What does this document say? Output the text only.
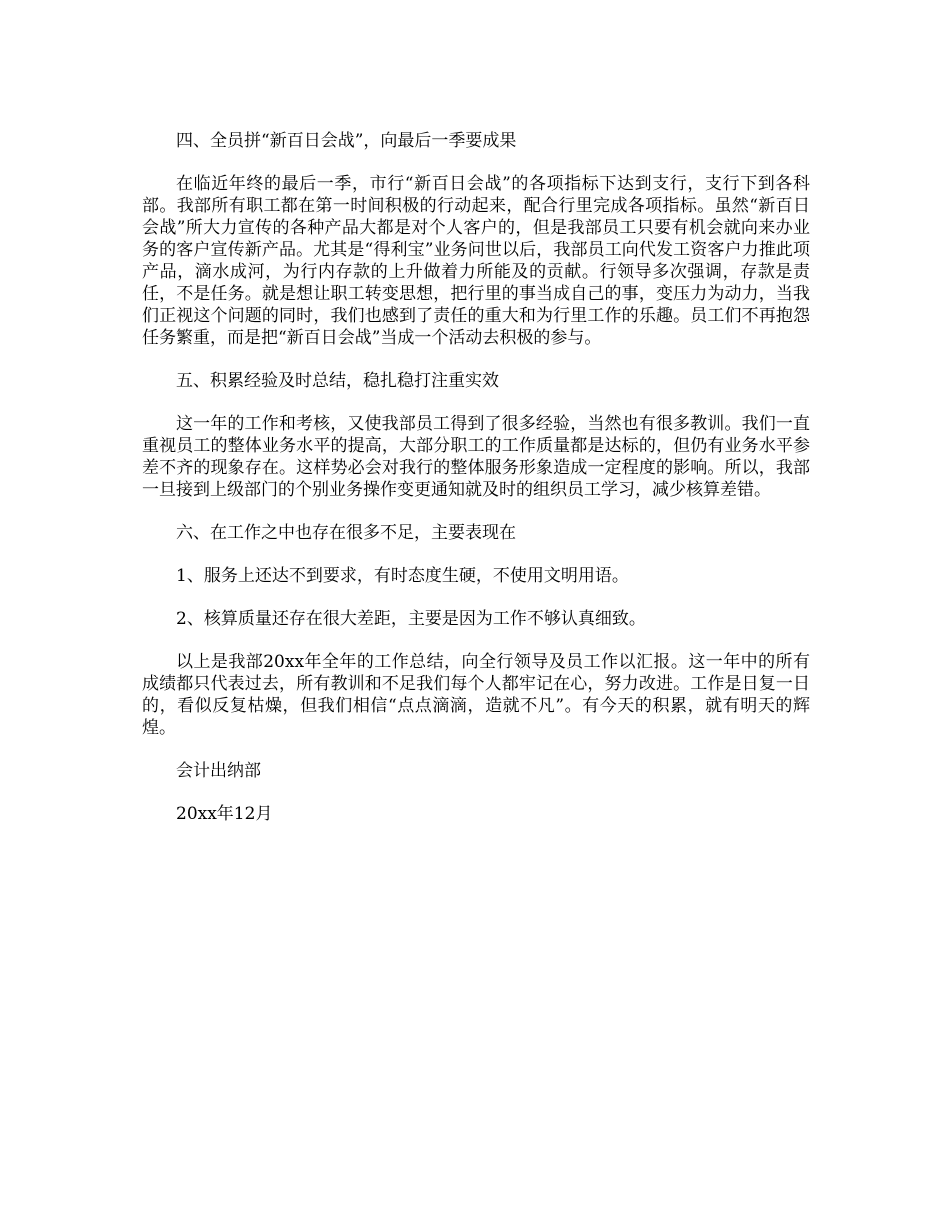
四、全员拼“新百日会战”，向最后一季要成果

在临近年终的最后一季，市行“新百日会战”的各项指标下达到支行，支行下到各科部。我部所有职工都在第一时间积极的行动起来，配合行里完成各项指标。虽然“新百日会战”所大力宣传的各种产品大都是对个人客户的，但是我部员工只要有机会就向来办业务的客户宣传新产品。尤其是“得利宝”业务问世以后，我部员工向代发工资客户力推此项产品，滴水成河，为行内存款的上升做着力所能及的贡献。行领导多次强调，存款是责任，不是任务。就是想让职工转变思想，把行里的事当成自己的事，变压力为动力，当我们正视这个问题的同时，我们也感到了责任的重大和为行里工作的乐趣。员工们不再抱怨任务繁重，而是把“新百日会战”当成一个活动去积极的参与。

五、积累经验及时总结，稳扎稳打注重实效

这一年的工作和考核，又使我部员工得到了很多经验，当然也有很多教训。我们一直重视员工的整体业务水平的提高，大部分职工的工作质量都是达标的，但仍有业务水平参差不齐的现象存在。这样势必会对我行的整体服务形象造成一定程度的影响。所以，我部一旦接到上级部门的个别业务操作变更通知就及时的组织员工学习，减少核算差错。

六、在工作之中也存在很多不足，主要表现在

1、服务上还达不到要求，有时态度生硬，不使用文明用语。

2、核算质量还存在很大差距，主要是因为工作不够认真细致。

以上是我部20xx年全年的工作总结，向全行领导及员工作以汇报。这一年中的所有成绩都只代表过去，所有教训和不足我们每个人都牢记在心，努力改进。工作是日复一日的，看似反复枯燥，但我们相信“点点滴滴，造就不凡”。有今天的积累，就有明天的辉煌。

会计出纳部

20xx年12月
